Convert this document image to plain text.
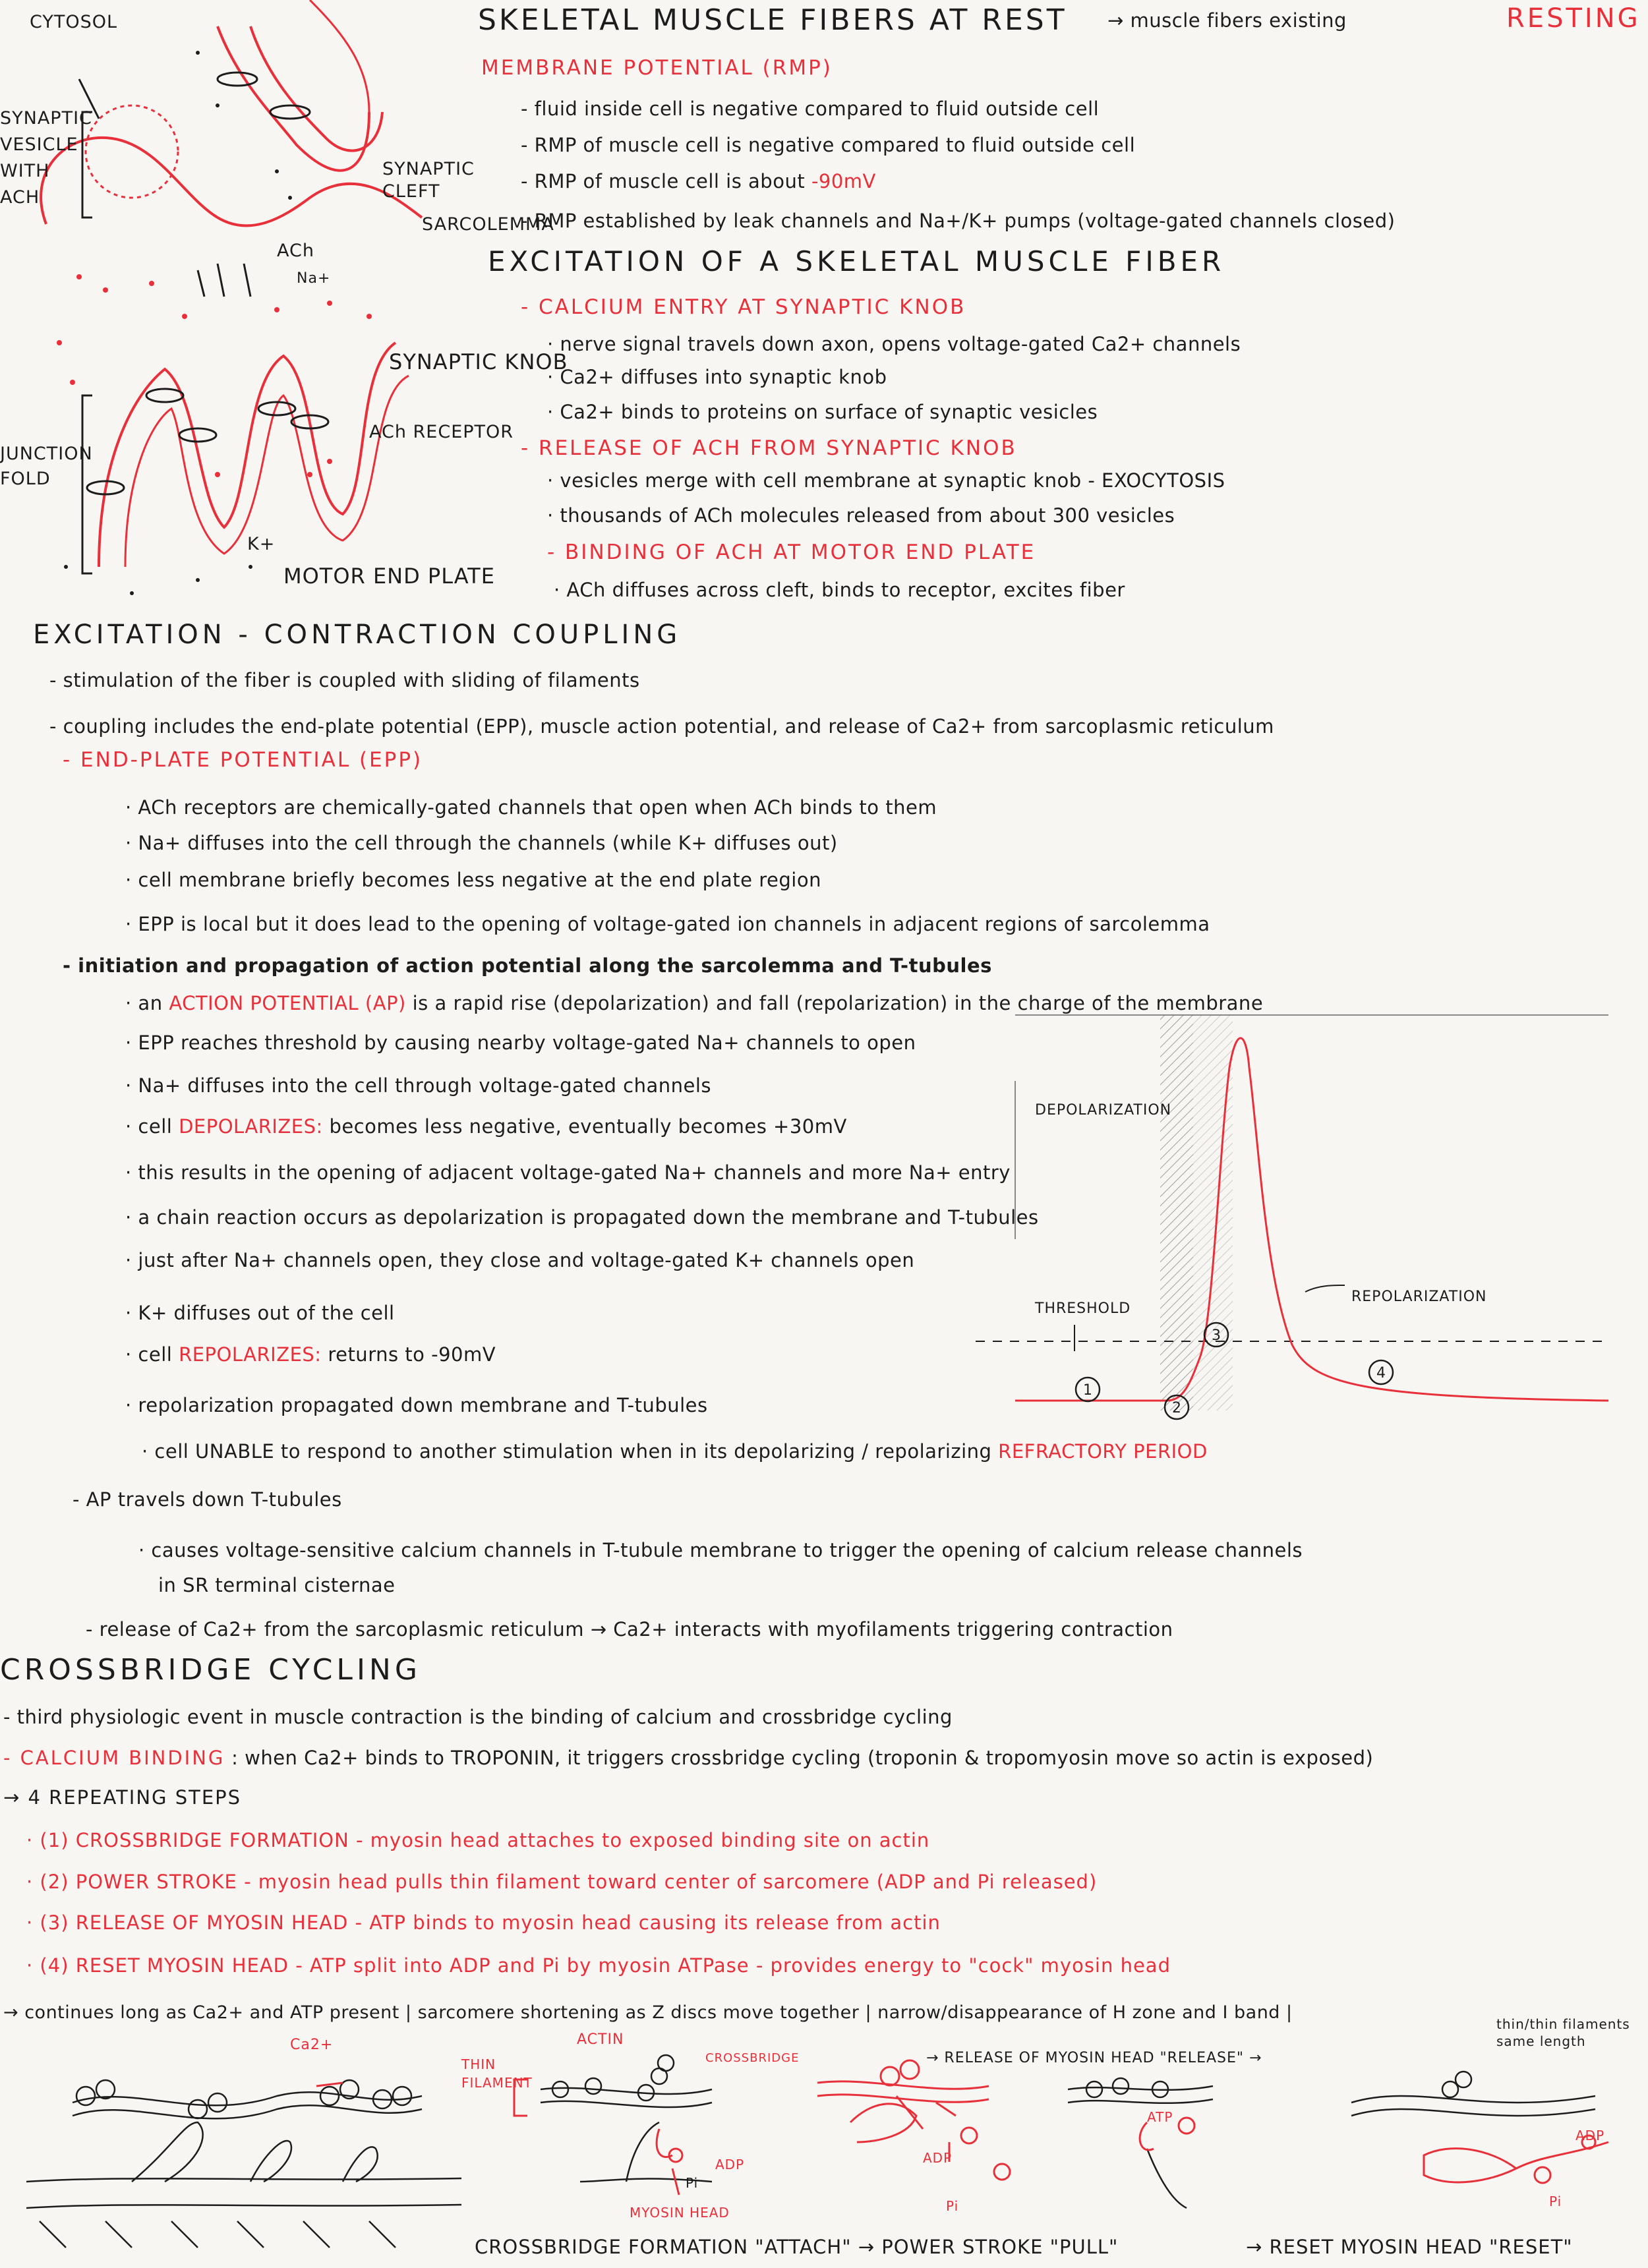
CYTOSOL
SYNAPTIC
VESICLE
WITH
ACH
SYNAPTIC
CLEFT
SARCOLEMMA
ACh
Na+
SYNAPTIC KNOB
ACh RECEPTOR
JUNCTION
FOLD
K+
MOTOR END PLATE
SKELETAL MUSCLE FIBERS AT REST → muscle fibers existing	RESTING
MEMBRANE POTENTIAL (RMP)
- fluid inside cell is negative compared to fluid outside cell
- RMP of muscle cell is negative compared to fluid outside cell
- RMP of muscle cell is about -90mV
- RMP established by leak channels and Na+/K+ pumps (voltage-gated channels closed)
EXCITATION OF A SKELETAL MUSCLE FIBER
- CALCIUM ENTRY AT SYNAPTIC KNOB
· nerve signal travels down axon, opens voltage-gated Ca2+ channels
· Ca2+ diffuses into synaptic knob
· Ca2+ binds to proteins on surface of synaptic vesicles
- RELEASE OF ACH FROM SYNAPTIC KNOB
· vesicles merge with cell membrane at synaptic knob - EXOCYTOSIS
· thousands of ACh molecules released from about 300 vesicles
- BINDING OF ACH AT MOTOR END PLATE
· ACh diffuses across cleft, binds to receptor, excites fiber
EXCITATION - CONTRACTION COUPLING
- stimulation of the fiber is coupled with sliding of filaments
- coupling includes the end-plate potential (EPP), muscle action potential, and release of Ca2+ from sarcoplasmic reticulum
- END-PLATE POTENTIAL (EPP)
· ACh receptors are chemically-gated channels that open when ACh binds to them
· Na+ diffuses into the cell through the channels (while K+ diffuses out)
· cell membrane briefly becomes less negative at the end plate region
· EPP is local but it does lead to the opening of voltage-gated ion channels in adjacent regions of sarcolemma
- initiation and propagation of action potential along the sarcolemma and T-tubules
· an ACTION POTENTIAL (AP) is a rapid rise (depolarization) and fall (repolarization) in the charge of the membrane
· EPP reaches threshold by causing nearby voltage-gated Na+ channels to open
· Na+ diffuses into the cell through voltage-gated channels
· cell DEPOLARIZES: becomes less negative, eventually becomes +30mV
· this results in the opening of adjacent voltage-gated Na+ channels and more Na+ entry
· a chain reaction occurs as depolarization is propagated down the membrane and T-tubules
· just after Na+ channels open, they close and voltage-gated K+ channels open
· K+ diffuses out of the cell
· cell REPOLARIZES: returns to -90mV
· repolarization propagated down membrane and T-tubules
· cell UNABLE to respond to another stimulation when in its depolarizing / repolarizing REFRACTORY PERIOD
- AP travels down T-tubules
· causes voltage-sensitive calcium channels in T-tubule membrane to trigger the opening of calcium release channels
in SR terminal cisternae
- release of Ca2+ from the sarcoplasmic reticulum → Ca2+ interacts with myofilaments triggering contraction
1
2
3
4
DEPOLARIZATION
REPOLARIZATION
THRESHOLD
CROSSBRIDGE CYCLING
- third physiologic event in muscle contraction is the binding of calcium and crossbridge cycling
- CALCIUM BINDING : when Ca2+ binds to TROPONIN, it triggers crossbridge cycling (troponin & tropomyosin move so actin is exposed)
→ 4 REPEATING STEPS
· (1) CROSSBRIDGE FORMATION - myosin head attaches to exposed binding site on actin
· (2) POWER STROKE - myosin head pulls thin filament toward center of sarcomere (ADP and Pi released)
· (3) RELEASE OF MYOSIN HEAD - ATP binds to myosin head causing its release from actin
· (4) RESET MYOSIN HEAD - ATP split into ADP and Pi by myosin ATPase - provides energy to "cock" myosin head
→ continues long as Ca2+ and ATP present | sarcomere shortening as Z discs move together | narrow/disappearance of H zone and I band |
thin/thin filaments
same length
Ca2+
THIN
FILAMENT
ACTIN
CROSSBRIDGE
ADP
Pi
MYOSIN HEAD
ADP
Pi
ATP
ADP
Pi
→ RELEASE OF MYOSIN HEAD "RELEASE" →
CROSSBRIDGE FORMATION "ATTACH" → POWER STROKE "PULL"	→ RESET MYOSIN HEAD "RESET"
